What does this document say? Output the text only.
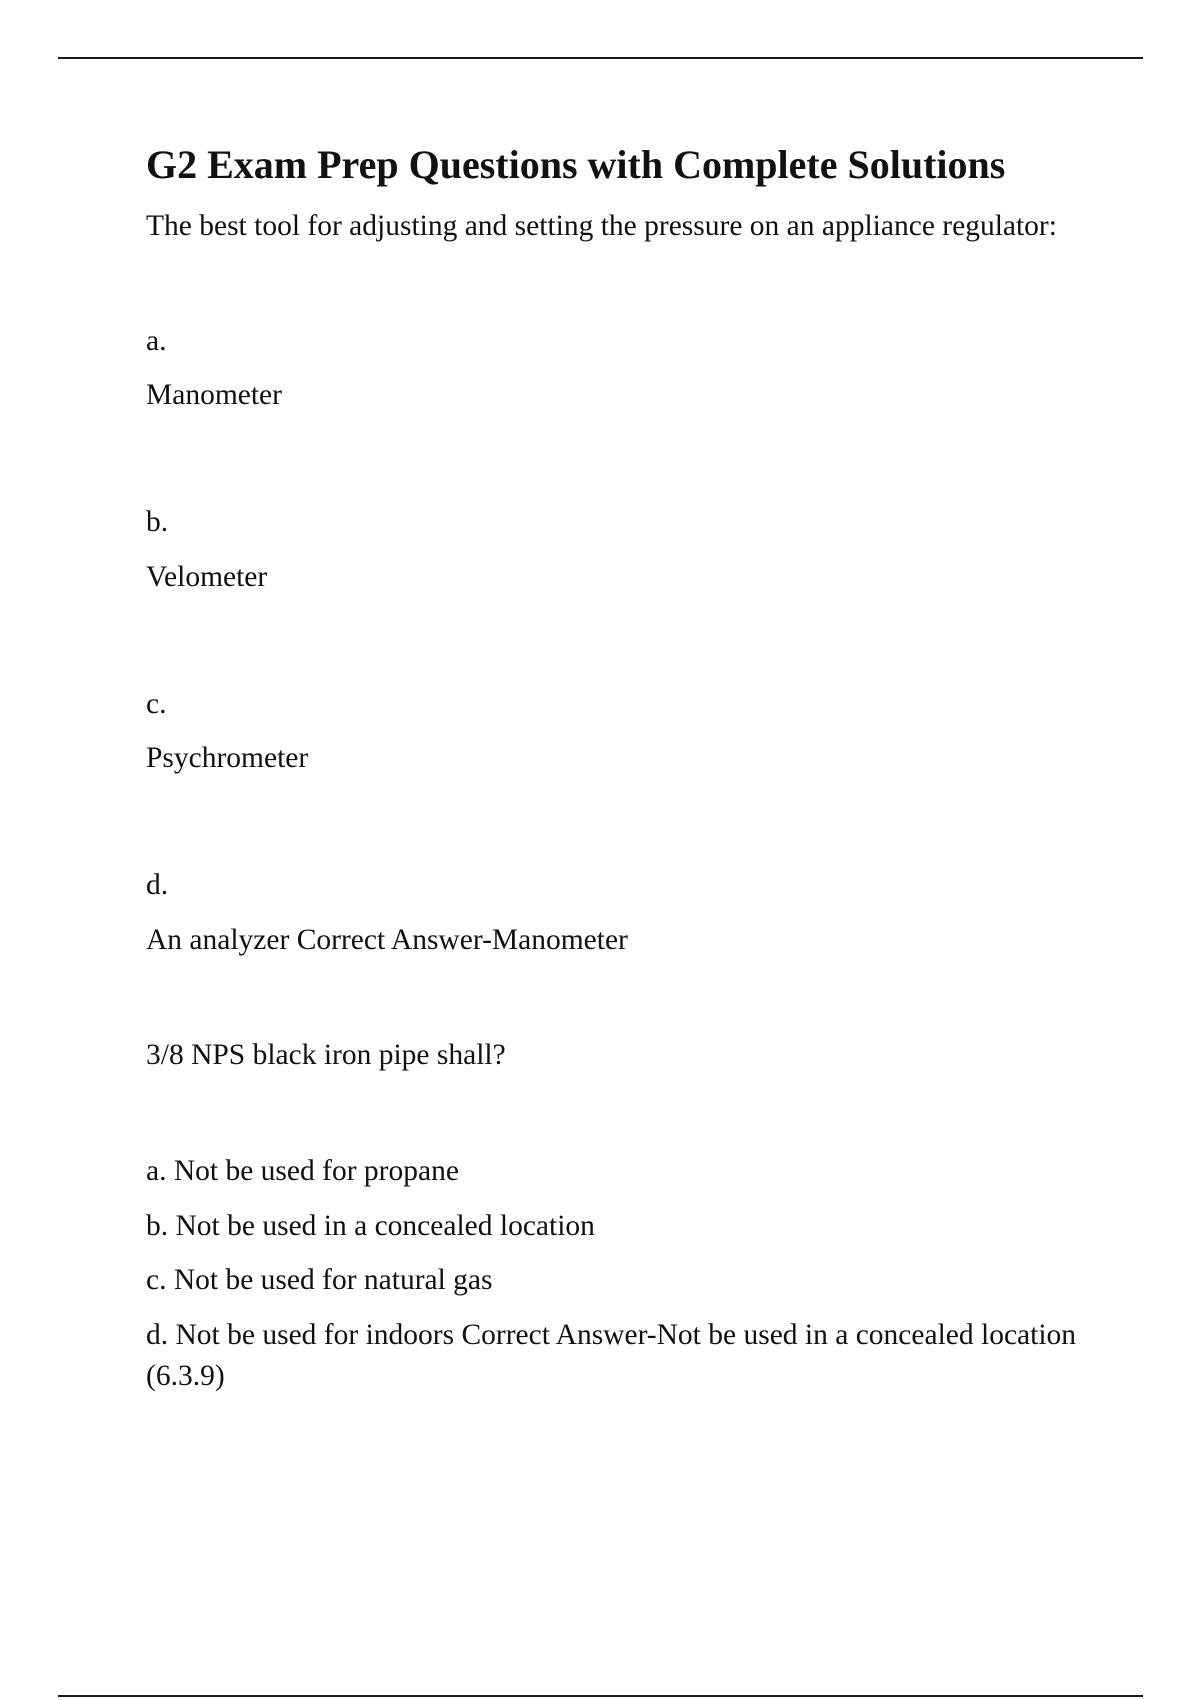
G2 Exam Prep Questions with Complete Solutions

The best tool for adjusting and setting the pressure on an appliance regulator:

a.

Manometer

b.

Velometer

c.

Psychrometer

d.

An analyzer Correct Answer-Manometer

3/8 NPS black iron pipe shall?

a. Not be used for propane

b. Not be used in a concealed location

c. Not be used for natural gas

d. Not be used for indoors Correct Answer-Not be used in a concealed location (6.3.9)
